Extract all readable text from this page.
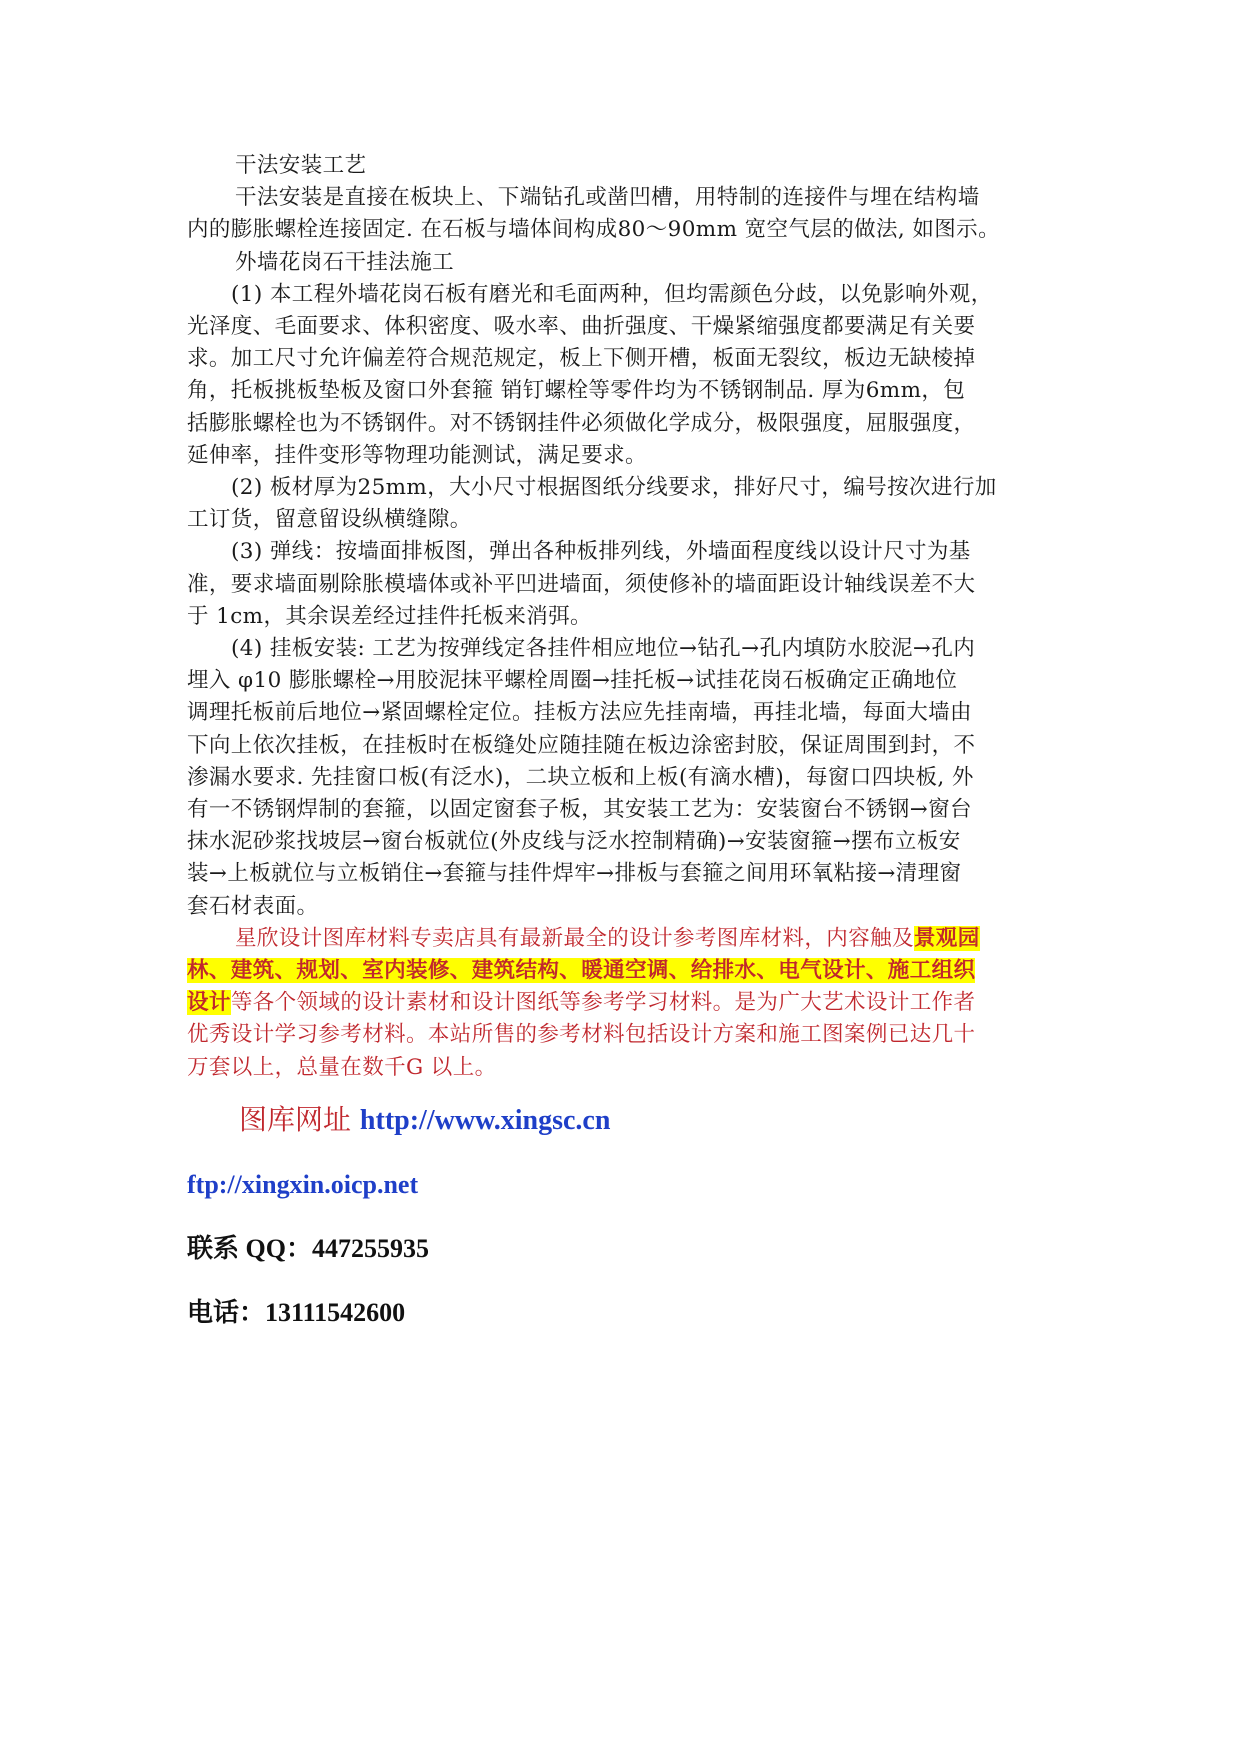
干法安装工艺
干法安装是直接在板块上、下端钻孔或凿凹槽，用特制的连接件与埋在结构墙
内的膨胀螺栓连接固定. 在石板与墙体间构成80～90mm 宽空气层的做法, 如图示。
外墙花岗石干挂法施工
(1) 本工程外墙花岗石板有磨光和毛面两种，但均需颜色分歧，以免影响外观，
光泽度、毛面要求、体积密度、吸水率、曲折强度、干燥紧缩强度都要满足有关要
求。加工尺寸允许偏差符合规范规定，板上下侧开槽，板面无裂纹，板边无缺棱掉
角，托板挑板垫板及窗口外套箍 销钉螺栓等零件均为不锈钢制品. 厚为6mm，包
括膨胀螺栓也为不锈钢件。对不锈钢挂件必须做化学成分，极限强度，屈服强度，
延伸率，挂件变形等物理功能测试，满足要求。
(2) 板材厚为25mm，大小尺寸根据图纸分线要求，排好尺寸，编号按次进行加
工订货，留意留设纵横缝隙。
(3) 弹线：按墙面排板图，弹出各种板排列线，外墙面程度线以设计尺寸为基
准，要求墙面剔除胀模墙体或补平凹进墙面，须使修补的墙面距设计轴线误差不大
于 1cm，其余误差经过挂件托板来消弭。
(4) 挂板安装: 工艺为按弹线定各挂件相应地位→钻孔→孔内填防水胶泥→孔内
埋入 φ10 膨胀螺栓→用胶泥抹平螺栓周圈→挂托板→试挂花岗石板确定正确地位
调理托板前后地位→紧固螺栓定位。挂板方法应先挂南墙，再挂北墙，每面大墙由
下向上依次挂板，在挂板时在板缝处应随挂随在板边涂密封胶，保证周围到封，不
渗漏水要求. 先挂窗口板(有泛水)，二块立板和上板(有滴水槽)，每窗口四块板, 外
有一不锈钢焊制的套箍，以固定窗套子板，其安装工艺为：安装窗台不锈钢→窗台
抹水泥砂浆找坡层→窗台板就位(外皮线与泛水控制精确)→安装窗箍→摆布立板安
装→上板就位与立板销住→套箍与挂件焊牢→排板与套箍之间用环氧粘接→清理窗
套石材表面。
星欣设计图库材料专卖店具有最新最全的设计参考图库材料，内容触及景观园
林、建筑、规划、室内装修、建筑结构、暖通空调、给排水、电气设计、施工组织
设计等各个领域的设计素材和设计图纸等参考学习材料。是为广大艺术设计工作者
优秀设计学习参考材料。本站所售的参考材料包括设计方案和施工图案例已达几十
万套以上，总量在数千G 以上。
图库网址 http://www.xingsc.cn
ftp://xingxin.oicp.net
联系 QQ：447255935
电话：13111542600
